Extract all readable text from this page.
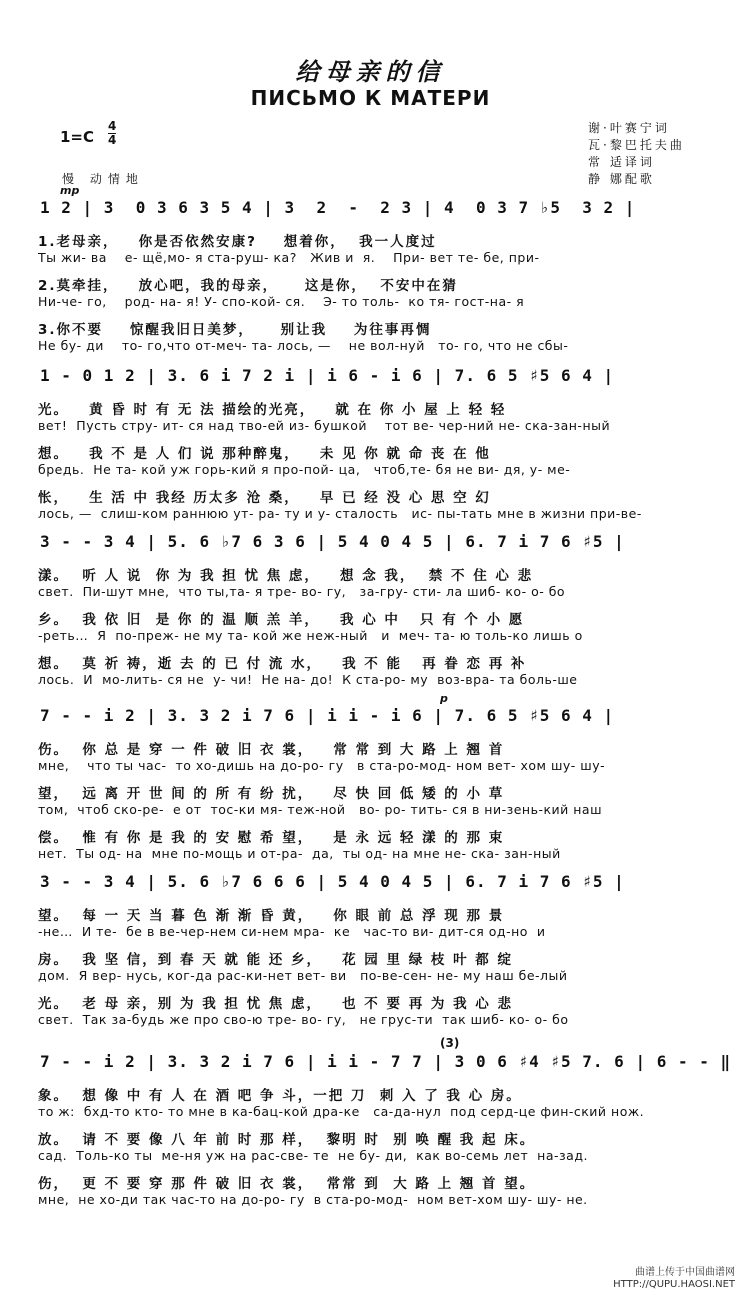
给母亲的信
ПИСЬМО К МАТЕРИ
1=C
4
4
慢 动情地
mp
谢·叶赛宁词
瓦·黎巴托夫曲
常 适译词
静 娜配歌
1 2 | 3  0 3 6 3 5 4 | 3  2  -  2 3 | 4  0 3 7 ♭5  3 2 |
1.老母亲，   你是否依然安康?    想着你，  我一人度过
Ты жи- ва    е- щё,мо- я ста-руш- ка?   Жив и  я.    При- вет те- бе, при-
2.莫牵挂，   放心吧，我的母亲，    这是你，  不安中在猜
Ни-че- го,    род- на- я! У- спо-кой- ся.    Э- то толь-  ко тя- гост-на- я
3.你不要    惊醒我旧日美梦，    别让我    为往事再惆
Не бу- ди    то- го,что от-меч- та- лось, —    не вол-нуй   то- го, что не сбы-
1 - 0 1 2 | 3. 6 i 7 2 i | i 6 - i 6 | 7. 6 5 ♯5 6 4 |
光。   黄 昏 时 有 无 法 描绘的光亮，   就 在 你 小 屋 上 轻 轻
вет!  Пусть стру- ит- ся над тво-ей из- бушкой    тот ве- чер-ний не- ска-зан-ный
想。   我 不 是 人 们 说 那种醉鬼，   未 见 你 就 命 丧 在 他
бредь.  Не та- кой уж горь-кий я про-пой- ца,   чтоб,те- бя не ви- дя, у- ме-
怅，   生 活 中 我经 历太多 沧 桑，   早 已 经 没 心 思 空 幻
лось, —  слиш-ком раннюю ут- ра- ту и у- сталость   ис- пы-тать мне в жизни при-ве-
3 - - 3 4 | 5. 6 ♭7 6 3 6 | 5 4 0 4 5 | 6. 7 i 7 6 ♯5 |
漾。  听 人 说  你 为 我 担 忧 焦 虑，   想 念 我，  禁 不 住 心 悲
свет.  Пи-шут мне,  что ты,та- я тре- во- гу,   за-гру- сти- ла шиб- ко- о- бо
乡。  我 依 旧  是 你 的 温 顺 羔 羊，   我 心 中   只 有 个 小 愿
-реть…  Я  по-преж- не му та- кой же неж-ный   и  меч- та- ю толь-ко лишь о
想。  莫 祈 祷，逝 去 的 已 付 流 水，   我 不 能   再 眷 恋 再 补
лось.  И  мо-лить- ся не  у- чи!  Не на- до!  К ста-ро- му  воз-вра- та боль-ше
p
7 - - i 2 | 3. 3 2 i 7 6 | i i - i 6 | 7. 6 5 ♯5 6 4 |
伤。  你 总 是 穿 一 件 破 旧 衣 裳，   常 常 到 大 路 上 翘 首
мне,    что ты час-  то хо-дишь на до-ро- гу   в ста-ро-мод- ном вет- хом шу- шу-
望，  远 离 开 世 间 的 所 有 纷 扰，   尽 快 回 低 矮 的 小 草
том,  чтоб ско-ре-  е от  тос-ки мя- теж-ной   во- ро- тить- ся в ни-зень-кий наш
偿。  惟 有 你 是 我 的 安 慰 希 望，   是 永 远 轻 漾 的 那 束
нет.  Ты од- на  мне по-мощь и от-ра-  да,  ты од- на мне не- ска- зан-ный
3 - - 3 4 | 5. 6 ♭7 6 6 6 | 5 4 0 4 5 | 6. 7 i 7 6 ♯5 |
望。  每 一 天 当 暮 色 渐 渐 昏 黄，   你 眼 前 总 浮 现 那 景
-не…  И те-  бе в ве-чер-нем си-нем мра-  ке   час-то ви- дит-ся од-но  и
房。  我 坚 信，到 春 天 就 能 还 乡，   花 园 里 绿 枝 叶 都 绽
дом.  Я вер- нусь, ког-да рас-ки-нет вет- ви   по-ве-сен- не- му наш бе-лый
光。  老 母 亲，别 为 我 担 忧 焦 虑，   也 不 要 再 为 我 心 悲
свет.  Так за-будь же про сво-ю тре- во- гу,   не грус-ти  так шиб- ко- о- бо
(3)
7 - - i 2 | 3. 3 2 i 7 6 | i i - 7 7 | 3 0 6 ♯4 ♯5 7. 6 | 6 - - ‖
象。  想 像 中 有 人 在 酒 吧 争 斗，一把 刀  刺 入 了 我 心 房。
то ж:  бхд-то кто- то мне в ка-бац-кой дра-ке   са-да-нул  под серд-це фин-ский нож.
放。  请 不 要 像 八 年 前 时 那 样，  黎明 时  别 唤 醒 我 起 床。
сад.  Толь-ко ты  ме-ня уж на рас-све- те  не бу- ди,  как во-семь лет  на-зад.
伤，  更 不 要 穿 那 件 破 旧 衣 裳，  常常 到  大 路 上 翘 首 望。
мне,  не хо-ди так час-то на до-ро- гу  в ста-ро-мод-  ном вет-хом шу- шу- не.
曲谱上传于中国曲谱网
HTTP://QUPU.HAOSI.NET
